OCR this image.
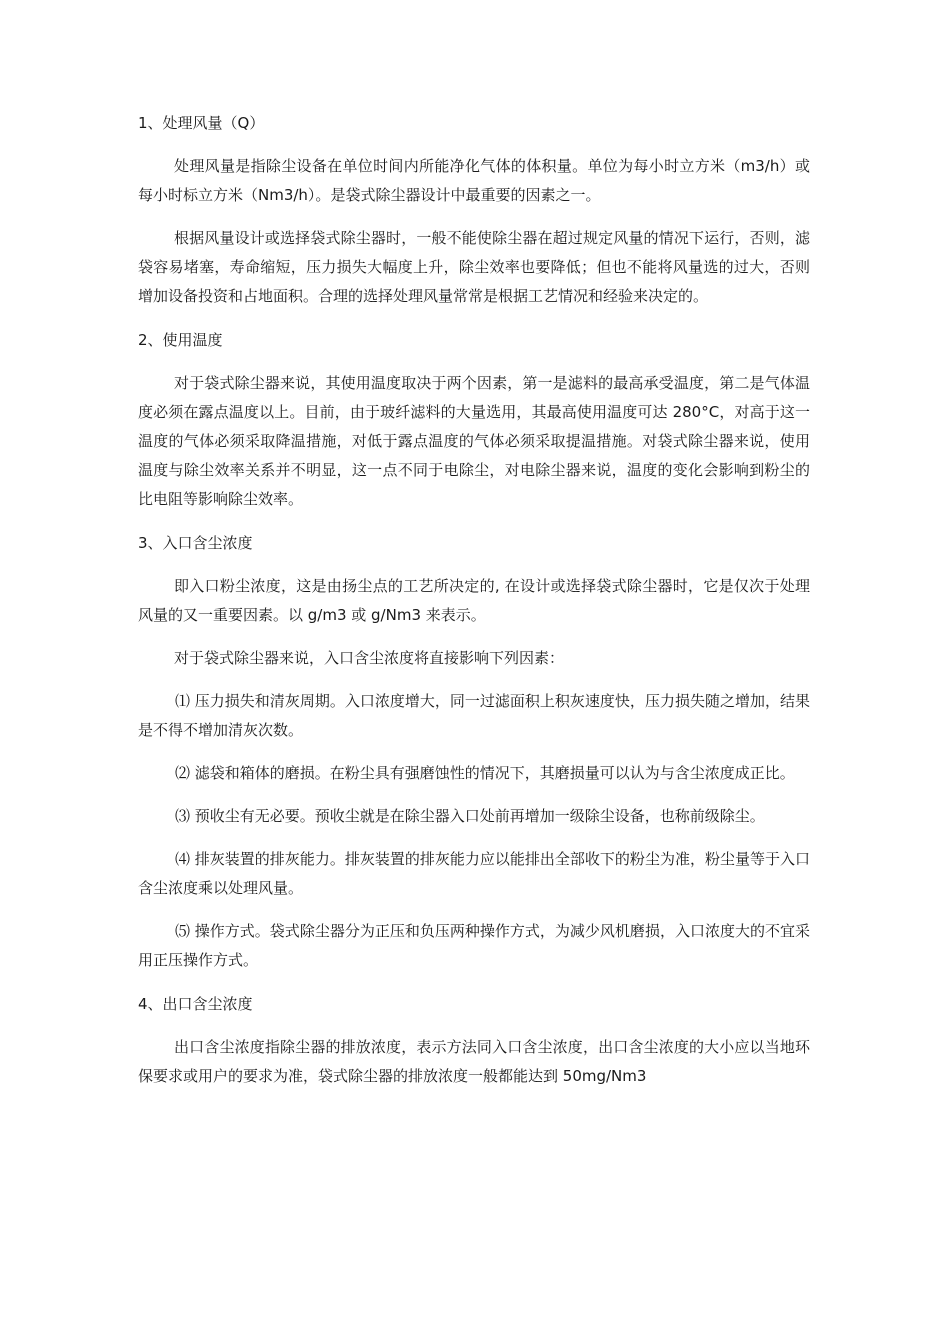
1、处理风量（Q）

处理风量是指除尘设备在单位时间内所能净化气体的体积量。单位为每小时立方米（m3/h）或每小时标立方米（Nm3/h）。是袋式除尘器设计中最重要的因素之一。

根据风量设计或选择袋式除尘器时，一般不能使除尘器在超过规定风量的情况下运行，否则，滤袋容易堵塞，寿命缩短，压力损失大幅度上升，除尘效率也要降低；但也不能将风量选的过大，否则增加设备投资和占地面积。合理的选择处理风量常常是根据工艺情况和经验来决定的。

2、使用温度

对于袋式除尘器来说，其使用温度取决于两个因素，第一是滤料的最高承受温度，第二是气体温度必须在露点温度以上。目前，由于玻纤滤料的大量选用，其最高使用温度可达 280°C，对高于这一温度的气体必须采取降温措施，对低于露点温度的气体必须采取提温措施。对袋式除尘器来说，使用温度与除尘效率关系并不明显，这一点不同于电除尘，对电除尘器来说，温度的变化会影响到粉尘的比电阻等影响除尘效率。

3、入口含尘浓度

即入口粉尘浓度，这是由扬尘点的工艺所决定的, 在设计或选择袋式除尘器时，它是仅次于处理风量的又一重要因素。以 g/m3 或 g/Nm3 来表示。

对于袋式除尘器来说，入口含尘浓度将直接影响下列因素：

⑴ 压力损失和清灰周期。入口浓度增大，同一过滤面积上积灰速度快，压力损失随之增加，结果是不得不增加清灰次数。

⑵ 滤袋和箱体的磨损。在粉尘具有强磨蚀性的情况下，其磨损量可以认为与含尘浓度成正比。

⑶ 预收尘有无必要。预收尘就是在除尘器入口处前再增加一级除尘设备，也称前级除尘。

⑷ 排灰装置的排灰能力。排灰装置的排灰能力应以能排出全部收下的粉尘为准，粉尘量等于入口含尘浓度乘以处理风量。

⑸ 操作方式。袋式除尘器分为正压和负压两种操作方式，为减少风机磨损，入口浓度大的不宜采用正压操作方式。

4、出口含尘浓度

出口含尘浓度指除尘器的排放浓度，表示方法同入口含尘浓度，出口含尘浓度的大小应以当地环保要求或用户的要求为准，袋式除尘器的排放浓度一般都能达到 50mg/Nm3
